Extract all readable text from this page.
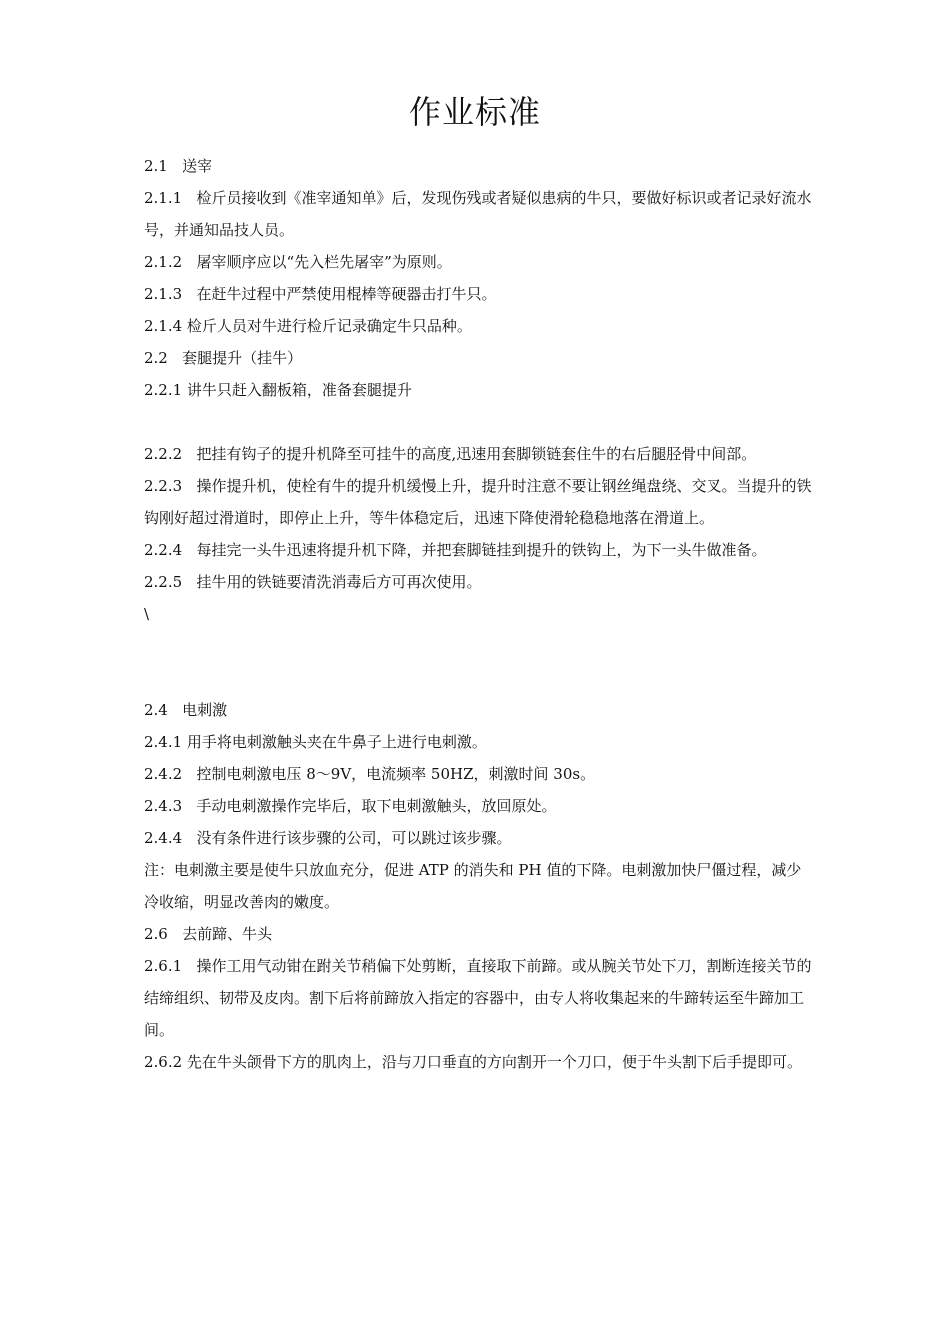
作业标准

2.1   送宰

2.1.1   检斤员接收到《准宰通知单》后，发现伤残或者疑似患病的牛只，要做好标识或者记录好流水号，并通知品技人员。

2.1.2   屠宰顺序应以“先入栏先屠宰”为原则。

2.1.3   在赶牛过程中严禁使用棍棒等硬器击打牛只。

2.1.4 检斤人员对牛进行检斤记录确定牛只品种。

2.2   套腿提升（挂牛）

2.2.1 讲牛只赶入翻板箱，准备套腿提升

2.2.2   把挂有钩子的提升机降至可挂牛的高度,迅速用套脚锁链套住牛的右后腿胫骨中间部。

2.2.3   操作提升机，使栓有牛的提升机缓慢上升，提升时注意不要让钢丝绳盘绕、交叉。当提升的铁钩刚好超过滑道时，即停止上升，等牛体稳定后，迅速下降使滑轮稳稳地落在滑道上。

2.2.4   每挂完一头牛迅速将提升机下降，并把套脚链挂到提升的铁钩上，为下一头牛做准备。

2.2.5   挂牛用的铁链要清洗消毒后方可再次使用。

\

2.4   电刺激

2.4.1 用手将电刺激触头夹在牛鼻子上进行电刺激。

2.4.2   控制电刺激电压 8～9V，电流频率 50HZ，刺激时间 30s。

2.4.3   手动电刺激操作完毕后，取下电刺激触头，放回原处。

2.4.4   没有条件进行该步骤的公司，可以跳过该步骤。

注：电刺激主要是使牛只放血充分，促进 ATP 的消失和 PH 值的下降。电刺激加快尸僵过程，减少冷收缩，明显改善肉的嫩度。

2.6   去前蹄、牛头

2.6.1   操作工用气动钳在跗关节稍偏下处剪断，直接取下前蹄。或从腕关节处下刀，割断连接关节的结缔组织、韧带及皮肉。割下后将前蹄放入指定的容器中，由专人将收集起来的牛蹄转运至牛蹄加工间。

2.6.2 先在牛头颌骨下方的肌肉上，沿与刀口垂直的方向割开一个刀口，便于牛头割下后手提即可。
